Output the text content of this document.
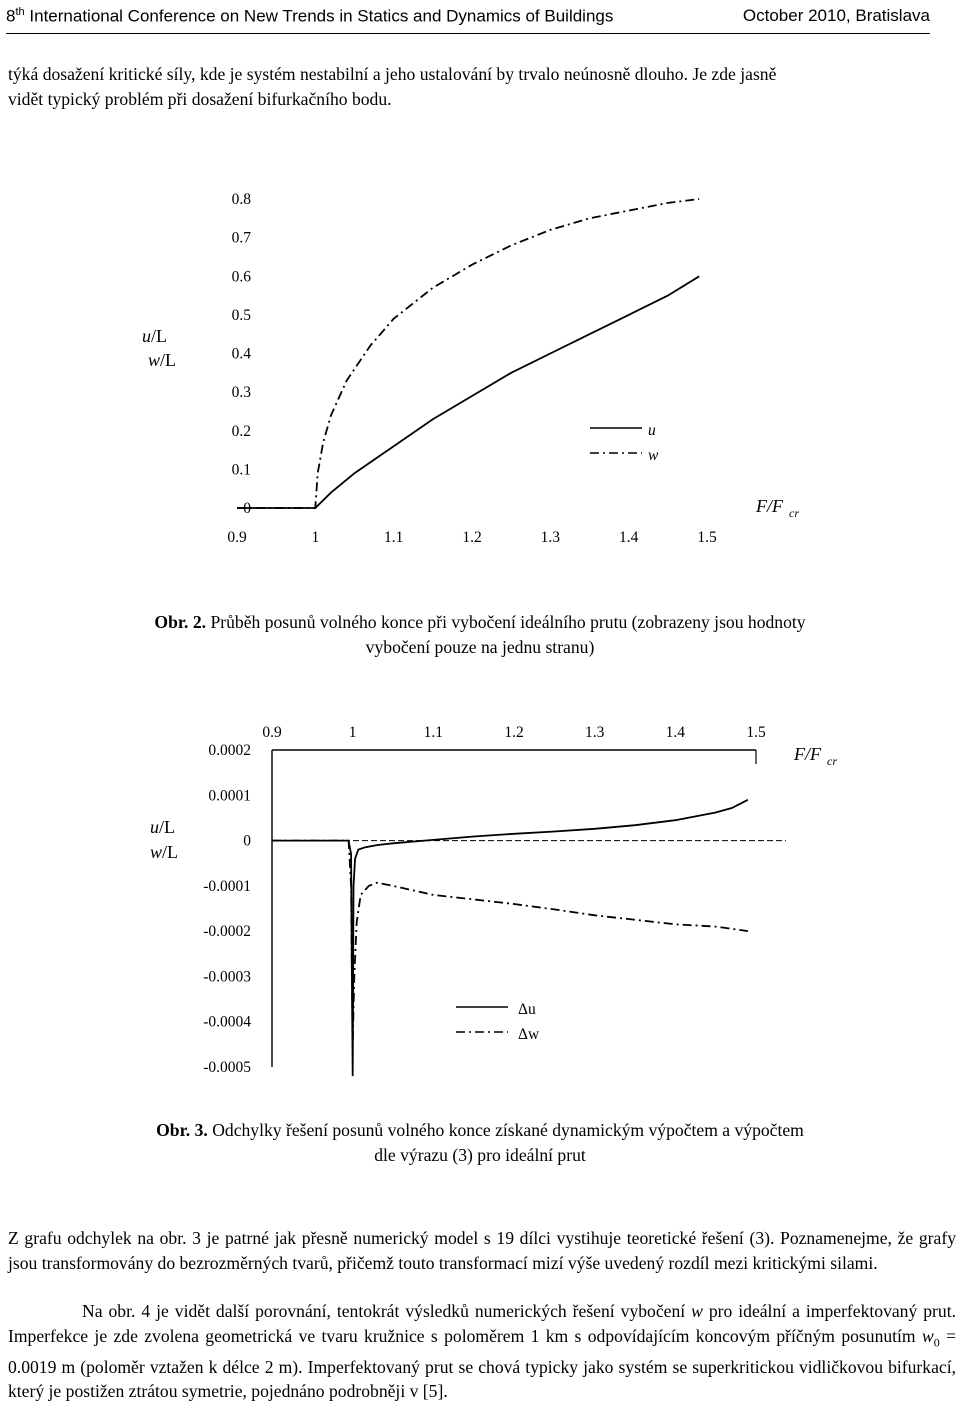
8th International Conference on New Trends in Statics and Dynamics of Buildings	October 2010, Bratislava
týká dosažení kritické síly, kde je systém nestabilní a jeho ustalování by trvalo neúnosně dlouho. Je zde jasně
vidět typický problém při dosažení bifurkačního bodu.
u/L
w/L
0.8
0.7
0.6
0.5
0.4
0.3
0.2
0.1
0
0.9	1	1.1	1.2	1.3	1.4	1.5
u
w
F/F cr
Obr. 2. Průběh posunů volného konce při vybočení ideálního prutu (zobrazeny jsou hodnoty
vybočení pouze na jednu stranu)
u/L
w/L
0.0002
0.0001
0
-0.0001
-0.0002
-0.0003
-0.0004
-0.0005
0.9	1	1.1	1.2	1.3	1.4	1.5
Δu
Δw
F/F cr
Obr. 3. Odchylky řešení posunů volného konce získané dynamickým výpočtem a výpočtem
dle výrazu (3) pro ideální prut
Z grafu odchylek na obr. 3 je patrné jak přesně numerický model s 19 dílci vystihuje teoretické řešení (3). Poznamenejme, že grafy jsou transformovány do bezrozměrných tvarů, přičemž touto transformací mizí výše uvedený rozdíl mezi kritickými silami.
Na obr. 4 je vidět další porovnání, tentokrát výsledků numerických řešení vybočení w pro ideální a imperfektovaný prut. Imperfekce je zde zvolena geometrická ve tvaru kružnice s poloměrem 1 km s odpovídajícím koncovým příčným posunutím $w_0 = 0.0019$ m (poloměr vztažen k délce 2 m). Imperfektovaný prut se chová typicky jako systém se superkritickou vidličkovou bifurkací, který je postižen ztrátou symetrie, pojednáno podrobněji v [5].
